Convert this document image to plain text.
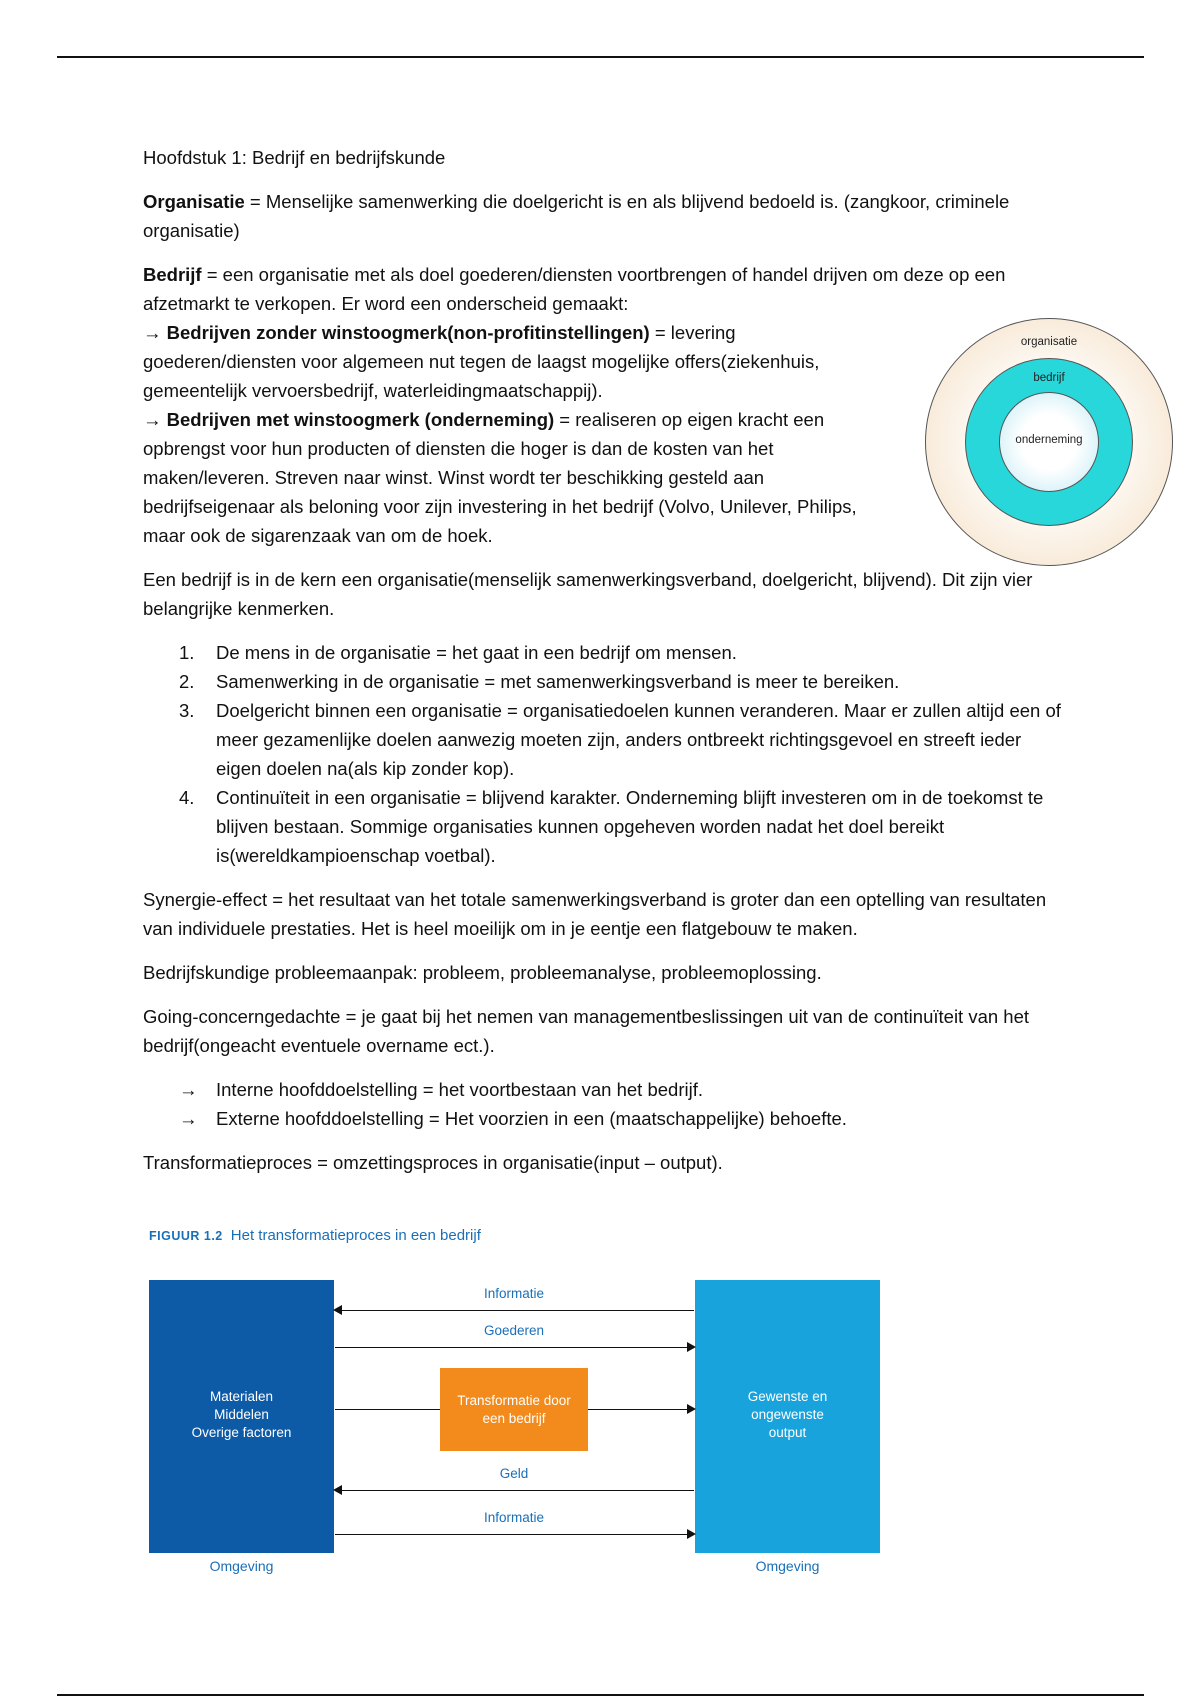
Hoofdstuk 1: Bedrijf en bedrijfskunde

Organisatie = Menselijke samenwerking die doelgericht is en als blijvend bedoeld is. (zangkoor, criminele organisatie)

Bedrijf = een organisatie met als doel goederen/diensten voortbrengen of handel drijven om deze op een afzetmarkt te verkopen. Er word een onderscheid gemaakt:

→ Bedrijven zonder winstoogmerk(non-profitinstellingen) = levering goederen/diensten voor algemeen nut tegen de laagst mogelijke offers(ziekenhuis, gemeentelijk vervoersbedrijf, waterleidingmaatschappij).

→ Bedrijven met winstoogmerk (onderneming) = realiseren op eigen kracht een opbrengst voor hun producten of diensten die hoger is dan de kosten van het maken/leveren. Streven naar winst. Winst wordt ter beschikking gesteld aan bedrijfseigenaar als beloning voor zijn investering in het bedrijf (Volvo, Unilever, Philips, maar ook de sigarenzaak van om de hoek.

Een bedrijf is in de kern een organisatie(menselijk samenwerkingsverband, doelgericht, blijvend). Dit zijn vier belangrijke kenmerken.

1. De mens in de organisatie = het gaat in een bedrijf om mensen.
2. Samenwerking in de organisatie = met samenwerkingsverband is meer te bereiken.
3. Doelgericht binnen een organisatie = organisatiedoelen kunnen veranderen. Maar er zullen altijd een of meer gezamenlijke doelen aanwezig moeten zijn, anders ontbreekt richtingsgevoel en streeft ieder eigen doelen na(als kip zonder kop).
4. Continuïteit in een organisatie = blijvend karakter. Onderneming blijft investeren om in de toekomst te blijven bestaan. Sommige organisaties kunnen opgeheven worden nadat het doel bereikt is(wereldkampioenschap voetbal).

Synergie-effect = het resultaat van het totale samenwerkingsverband is groter dan een optelling van resultaten van individuele prestaties. Het is heel moeilijk om in je eentje een flatgebouw te maken.

Bedrijfskundige probleemaanpak: probleem, probleemanalyse, probleemoplossing.

Going-concerngedachte = je gaat bij het nemen van managementbeslissingen uit van de continuïteit van het bedrijf(ongeacht eventuele overname ect.).

→ Interne hoofddoelstelling = het voortbestaan van het bedrijf.
→ Externe hoofddoelstelling = Het voorzien in een (maatschappelijke) behoefte.

Transformatieproces = omzettingsproces in organisatie(input – output).

organisatie
bedrijf
onderneming
FIGUUR 1.2 Het transformatieproces in een bedrijf
Materialen
Middelen
Overige factoren
Gewenste en
ongewenste
output
Informatie
Goederen
Transformatie door
een bedrijf
Geld
Informatie
Omgeving	Omgeving
